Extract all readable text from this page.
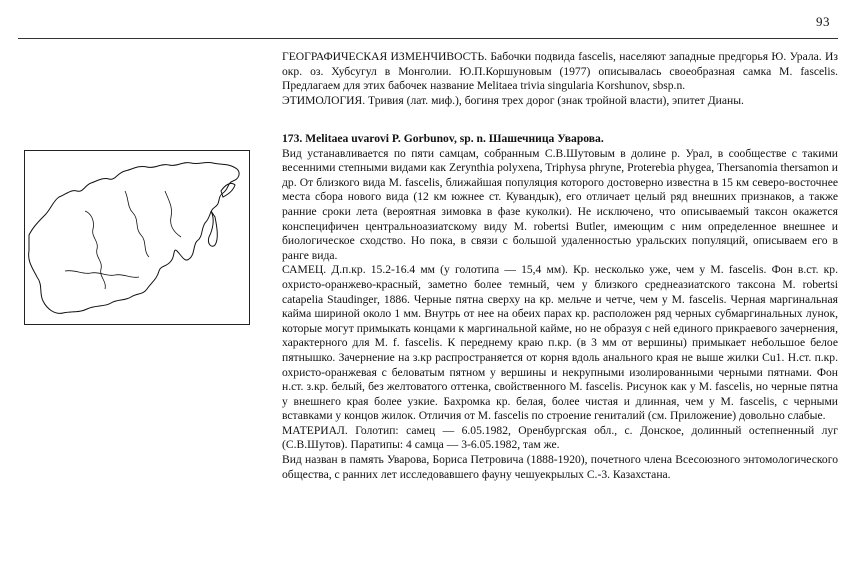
93

ГЕОГРАФИЧЕСКАЯ ИЗМЕНЧИВОСТЬ. Бабочки подвида fascelis, населяют западные предгорья Ю. Урала. Из окр. оз. Хубсугул в Монголии. Ю.П.Коршуновым (1977) описывалась своеобразная самка M. fascelis. Предлагаем для этих бабочек название Melitaea trivia singularia Korshunov, sbsp.n.

ЭТИМОЛОГИЯ. Тривия (лат. миф.), богиня трех дорог (знак тройной власти), эпитет Дианы.

173. Melitaea uvarovi P. Gorbunov, sp. n. Шашечница Уварова.

Вид устанавливается по пяти самцам, собранным С.В.Шутовым в долине р. Урал, в сообществе с такими весенними степными видами как Zerynthia polyxena, Triphysa phryne, Proterebia phygea, Thersanomia thersamon и др. От близкого вида M. fascelis, ближайшая популяция которого достоверно известна в 15 км северо-восточнее места сбора нового вида (12 км южнее ст. Кувандык), его отличает целый ряд внешних признаков, а также ранние сроки лета (вероятная зимовка в фазе куколки). Не исключено, что описываемый таксон окажется конспецифичен центральноазиатскому виду M. robertsi Butler, имеющим с ним определенное внешнее и биологическое сходство. Но пока, в связи с большой удаленностью уральских популяций, описываем его в ранге вида.

САМЕЦ. Д.п.кр. 15.2-16.4 мм (у голотипа — 15,4 мм). Кр. несколько уже, чем у M. fascelis. Фон в.ст. кр. охристо-оранжево-красный, заметно более темный, чем у близкого среднеазиатского таксона M. robertsi catapelia Staudinger, 1886. Черные пятна сверху на кр. мельче и четче, чем у M. fascelis. Черная маргинальная кайма шириной около 1 мм. Внутрь от нее на обеих парах кр. расположен ряд черных субмаргинальных лунок, которые могут примыкать концами к маргинальной кайме, но не образуя с ней единого прикраевого зачернения, характерного для M. f. fascelis. К переднему краю п.кр. (в 3 мм от вершины) примыкает небольшое белое пятнышко. Зачернение на з.кр распространяется от корня вдоль анального края не выше жилки Cu1. Н.ст. п.кр. охристо-оранжевая с беловатым пятном у вершины и некрупными изолированными черными пятнами. Фон н.ст. з.кр. белый, без желтоватого оттенка, свойственного M. fascelis. Рисунок как у M. fascelis, но черные пятна у внешнего края более узкие. Бахромка кр. белая, более чистая и длинная, чем у M. fascelis, с черными вставками у концов жилок. Отличия от M. fascelis по строение гениталий (см. Приложение) довольно слабые.

МАТЕРИАЛ. Голотип: самец — 6.05.1982, Оренбургская обл., с. Донское, долинный остепненный луг (С.В.Шутов). Паратипы: 4 самца — 3-6.05.1982, там же.

Вид назван в память Уварова, Бориса Петровича (1888-1920), почетного члена Всесоюзного энтомологического общества, с ранних лет исследовавшего фауну чешуекрылых С.-3. Казахстана.
